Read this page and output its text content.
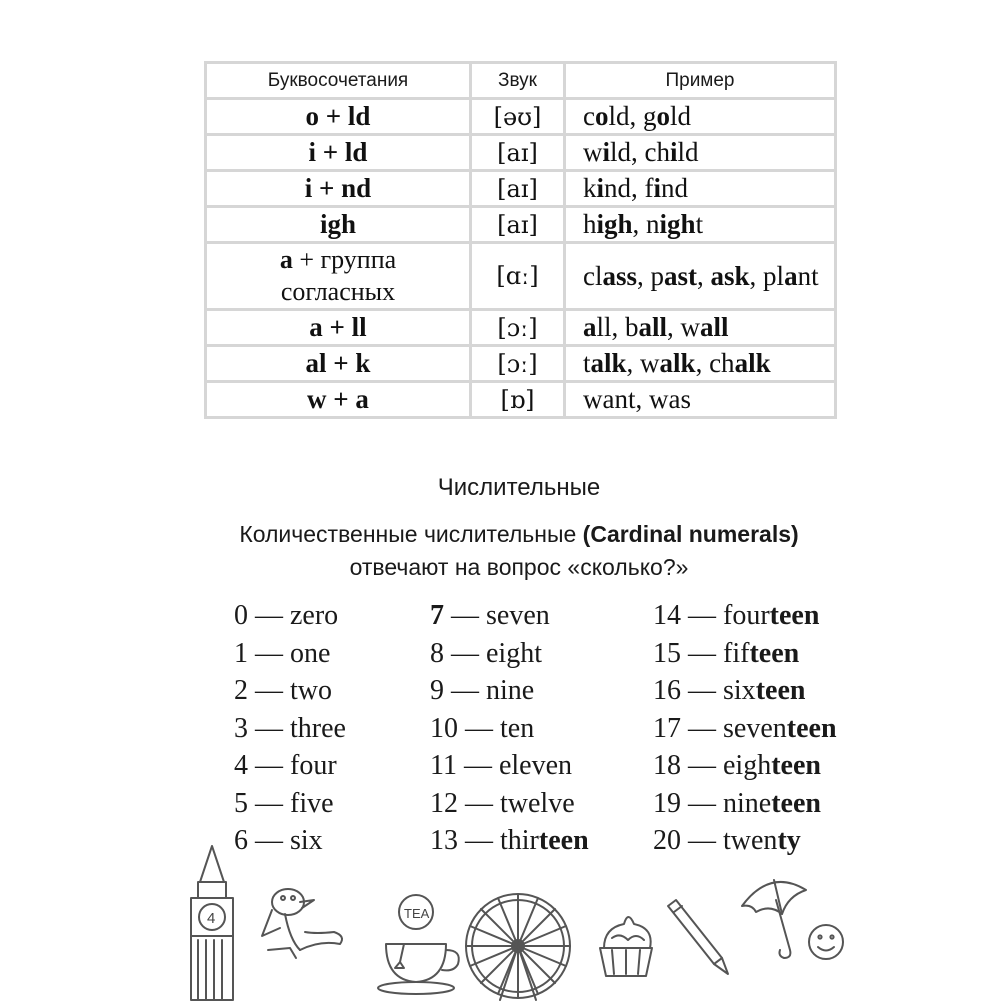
Буквосочетания	Звук	Пример
o + ld	[əʊ]	cold, gold
i + ld	[aɪ]	wild, child
i + nd	[aɪ]	kind, find
igh	[aɪ]	high, night
a + группа
согласных	[ɑː]	class, past, ask, plant
a + ll	[ɔː]	all, ball, wall
al + k	[ɔː]	talk, walk, chalk
w + a	[ɒ]	want, was
Числительные
Количественные числительные (Cardinal numerals)
отвечают на вопрос «сколько?»
0 — zero
1 — one
2 — two
3 — three
4 — four
5 — five
6 — six
7 — seven
8 — eight
9 — nine
10 — ten
11 — eleven
12 — twelve
13 — thirteen
14 — fourteen
15 — fifteen
16 — sixteen
17 — seventeen
18 — eighteen
19 — nineteen
20 — twenty
4	TEA
